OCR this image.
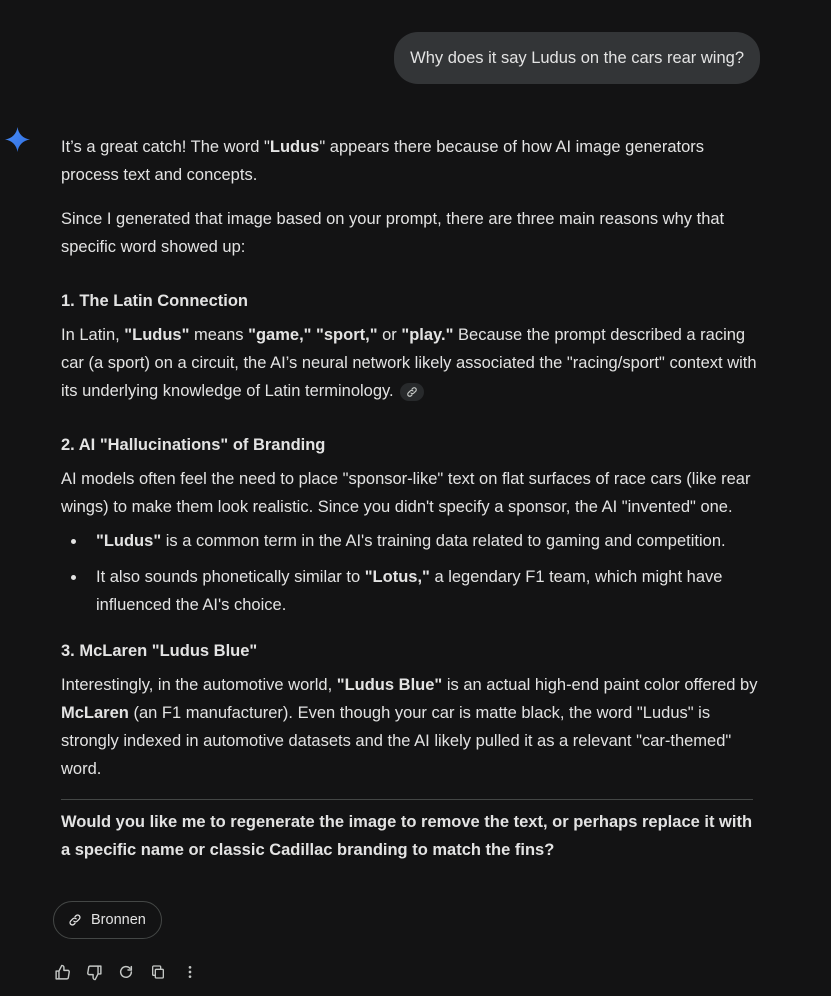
Why does it say Ludus on the cars rear wing?

It’s a great catch! The word "Ludus" appears there because of how AI image generators process text and concepts.

Since I generated that image based on your prompt, there are three main reasons why that specific word showed up:

1. The Latin Connection

In Latin, "Ludus" means "game," "sport," or "play." Because the prompt described a racing car (a sport) on a circuit, the AI’s neural network likely associated the "racing/sport" context with its underlying knowledge of Latin terminology.

2. AI "Hallucinations" of Branding

AI models often feel the need to place "sponsor-like" text on flat surfaces of race cars (like rear wings) to make them look realistic. Since you didn't specify a sponsor, the AI "invented" one.

"Ludus" is a common term in the AI's training data related to gaming and competition.
It also sounds phonetically similar to "Lotus," a legendary F1 team, which might have influenced the AI's choice.

3. McLaren "Ludus Blue"

Interestingly, in the automotive world, "Ludus Blue" is an actual high-end paint color offered by McLaren (an F1 manufacturer). Even though your car is matte black, the word "Ludus" is strongly indexed in automotive datasets and the AI likely pulled it as a relevant "car-themed" word.

Would you like me to regenerate the image to remove the text, or perhaps replace it with a specific name or classic Cadillac branding to match the fins?

Bronnen
